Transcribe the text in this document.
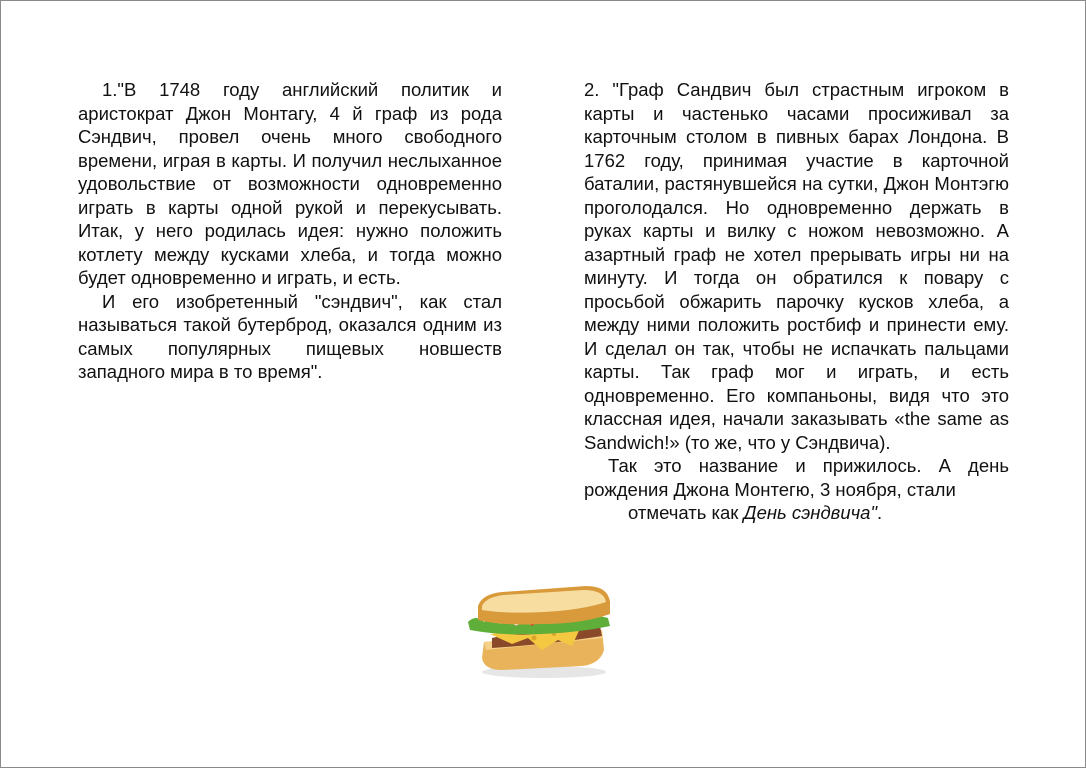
1."В 1748 году английский политик и аристократ Джон Монтагу, 4 й граф из рода Сэндвич, провел очень много свободного времени, играя в карты. И получил неслыханное удовольствие от возможности одновременно играть в карты одной рукой и перекусывать. Итак, у него родилась идея: нужно положить котлету между кусками хлеба, и тогда можно будет одновременно и играть, и есть.

И его изобретенный "сэндвич", как стал называться такой бутерброд, оказался одним из самых популярных пищевых новшеств западного мира в то время".

2. "Граф Сандвич был страстным игроком в карты и частенько часами просиживал за карточным столом в пивных барах Лондона. В 1762 году, принимая участие в карточной баталии, растянувшейся на сутки, Джон Монтэгю проголодался. Но одновременно держать в руках карты и вилку с ножом невозможно. А азартный граф не хотел прерывать игры ни на минуту. И тогда он обратился к повару с просьбой обжарить парочку кусков хлеба, а между ними положить ростбиф и принести ему. И сделал он так, чтобы не испачкать пальцами карты. Так граф мог и играть, и есть одновременно. Его компаньоны, видя что это классная идея, начали заказывать «the same as Sandwich!» (то же, что у Сэндвича).

Так это название и прижилось. А день рождения Джона Монтегю, 3 ноября, стали

отмечать как День сэндвича".
